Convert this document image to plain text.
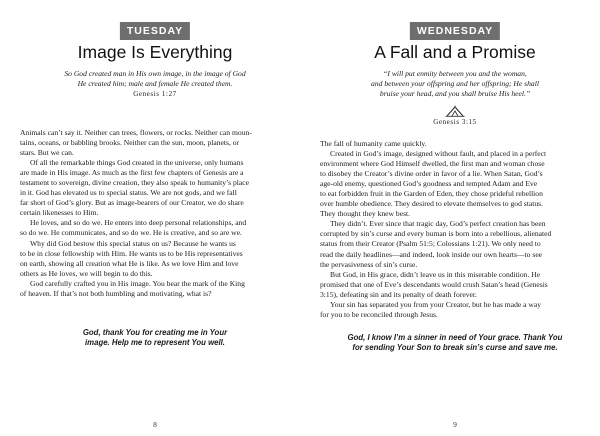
TUESDAY
Image Is Everything
So God created man in His own image, in the image of God
He created him; male and female He created them.
Genesis 1:27
Animals can’t say it. Neither can trees, flowers, or rocks. Neither can moun-
tains, oceans, or babbling brooks. Neither can the sun, moon, planets, or
stars. But we can.
Of all the remarkable things God created in the universe, only humans
are made in His image. As much as the first few chapters of Genesis are a
testament to sovereign, divine creation, they also speak to humanity’s place
in it. God has elevated us to special status. We are not gods, and we fall
far short of God’s glory. But as image-bearers of our Creator, we do share
certain likenesses to Him.
He loves, and so do we. He enters into deep personal relationships, and
so do we. He communicates, and so do we. He is creative, and so are we.
Why did God bestow this special status on us? Because he wants us
to be in close fellowship with Him. He wants us to be His representatives
on earth, showing all creation what He is like. As we love Him and love
others as He loves, we will begin to do this.
God carefully crafted you in His image. You bear the mark of the King
of heaven. If that’s not both humbling and motivating, what is?
God, thank You for creating me in Your
image. Help me to represent You well.
8
WEDNESDAY
A Fall and a Promise
“I will put enmity between you and the woman,
and between your offspring and her offspring; He shall
bruise your head, and you shall bruise His heel.”
Genesis 3:15
The fall of humanity came quickly.
Created in God’s image, designed without fault, and placed in a perfect
environment where God Himself dwelled, the first man and woman chose
to disobey the Creator’s divine order in favor of a lie. When Satan, God’s
age-old enemy, questioned God’s goodness and tempted Adam and Eve
to eat forbidden fruit in the Garden of Eden, they chose prideful rebellion
over humble obedience. They desired to elevate themselves to god status.
They thought they knew best.
They didn’t. Ever since that tragic day, God’s perfect creation has been
corrupted by sin’s curse and every human is born into a rebellious, alienated
status from their Creator (Psalm 51:5; Colossians 1:21). We only need to
read the daily headlines—and indeed, look inside our own hearts—to see
the pervasiveness of sin’s curse.
But God, in His grace, didn’t leave us in this miserable condition. He
promised that one of Eve’s descendants would crush Satan’s head (Genesis
3:15), defeating sin and its penalty of death forever.
Your sin has separated you from your Creator, but he has made a way
for you to be reconciled through Jesus.
God, I know I’m a sinner in need of Your grace. Thank You
for sending Your Son to break sin’s curse and save me.
9
